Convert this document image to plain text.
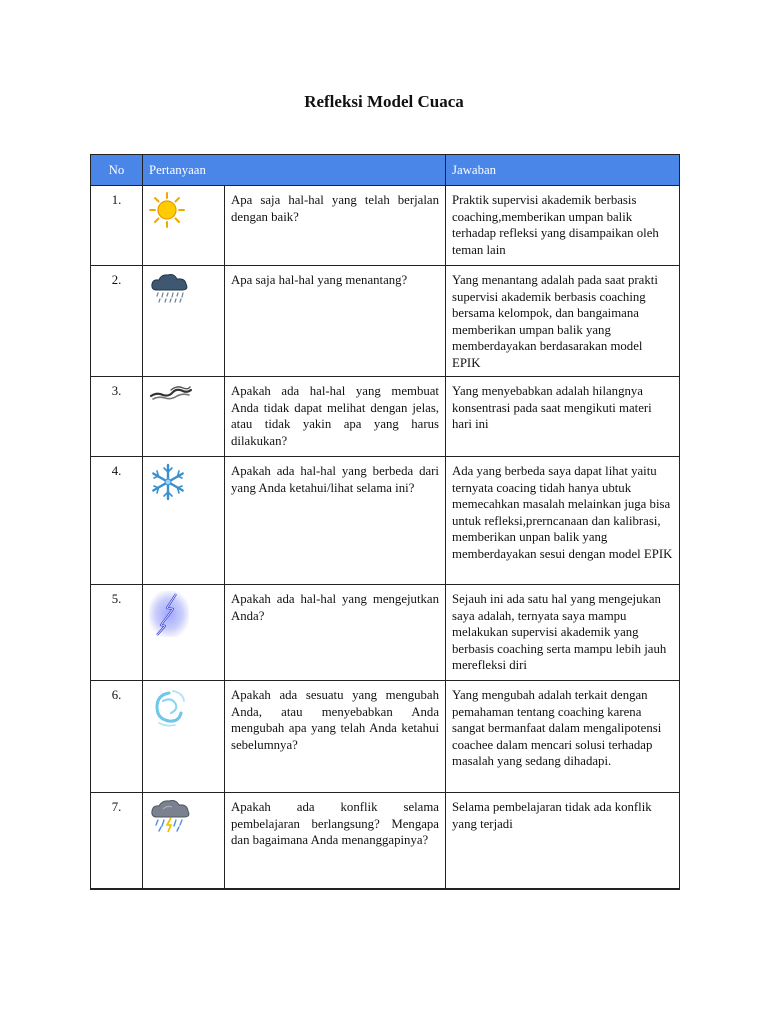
Refleksi Model Cuaca
No	Pertanyaan		Jawaban
1.		Apa saja hal-hal yang telah berjalan dengan baik?	Praktik supervisi akademik berbasis coaching,memberikan umpan balik terhadap refleksi yang disampaikan oleh teman lain
2.		Apa saja hal-hal yang menantang?	Yang menantang adalah pada saat prakti supervisi akademik berbasis coaching bersama kelompok, dan bangaimana memberikan umpan balik yang memberdayakan berdasarakan model EPIK
3.		Apakah ada hal-hal yang membuat Anda tidak dapat melihat dengan jelas, atau tidak yakin apa yang harus dilakukan?	Yang menyebabkan adalah hilangnya konsentrasi pada saat mengikuti materi hari ini
4.		Apakah ada hal-hal yang berbeda dari yang Anda ketahui/lihat selama ini?	Ada yang berbeda saya dapat lihat yaitu ternyata coacing tidah hanya ubtuk memecahkan masalah melainkan juga bisa untuk refleksi,prerncanaan dan kalibrasi, memberikan unpan balik yang memberdayakan sesui dengan model EPIK
5.		Apakah ada hal-hal yang mengejutkan Anda?	Sejauh ini ada satu hal yang mengejukan saya adalah, ternyata saya mampu melakukan supervisi akademik yang berbasis coaching serta mampu lebih jauh merefleksi diri
6.		Apakah ada sesuatu yang mengubah Anda, atau menyebabkan Anda mengubah apa yang telah Anda ketahui sebelumnya?	Yang mengubah adalah terkait dengan pemahaman tentang coaching karena sangat bermanfaat dalam mengalipotensi coachee dalam mencari solusi terhadap masalah yang sedang dihadapi.
7.		Apakah ada konflik selama pembelajaran berlangsung? Mengapa dan bagaimana Anda menanggapinya?	Selama pembelajaran tidak ada konflik yang terjadi
